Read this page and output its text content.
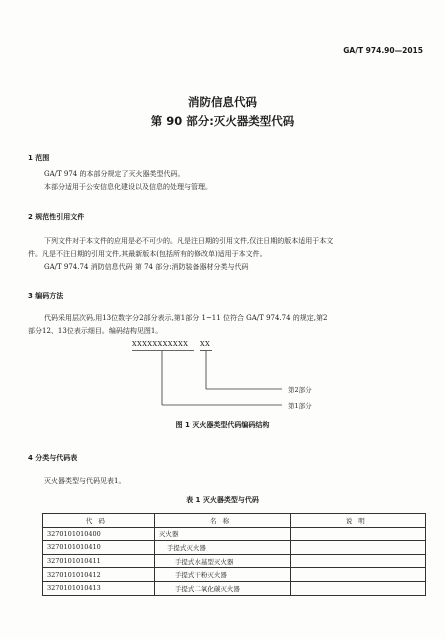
GA/T 974.90—2015
消防信息代码
第 90 部分:灭火器类型代码
1 范围
GA/T 974 的本部分规定了灭火器类型代码。
本部分适用于公安信息化建设以及信息的处理与管理。
2 规范性引用文件
下列文件对于本文件的应用是必不可少的。凡是注日期的引用文件,仅注日期的版本适用于本文
件。凡是不注日期的引用文件,其最新版本(包括所有的修改单)适用于本文件。
GA/T 974.74 消防信息代码 第 74 部分:消防装备器材分类与代码
3 编码方法
代码采用层次码,用13位数字分2部分表示,第1部分 1~11 位符合 GA/T 974.74 的规定,第2
部分12、13位表示细目。编码结构见图1。
XXXXXXXXXXX XX
第2部分
第1部分
图 1 灭火器类型代码编码结构
4 分类与代码表
灭火器类型与代码见表1。
表 1 灭火器类型与代码
代码	名称	说明
3270101010400	灭火器	
3270101010410	手提式灭火器	
3270101010411	手提式水基型灭火器	
3270101010412	手提式干粉灭火器	
3270101010413	手提式二氧化碳灭火器	
